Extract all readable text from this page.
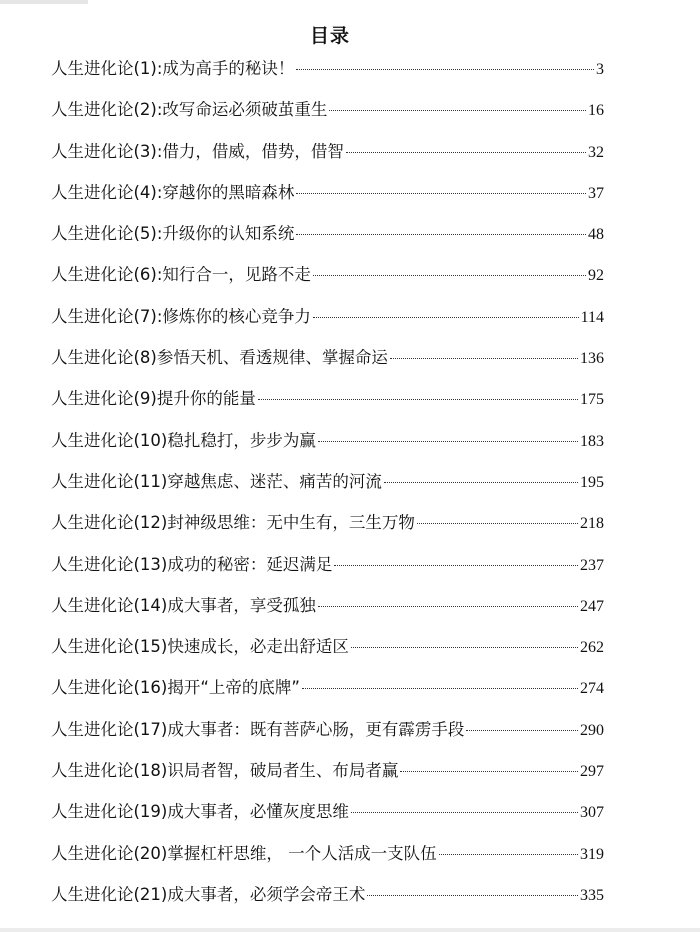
目录
人生进化论(1):成为高手的秘诀！	3
人生进化论(2):改写命运必须破茧重生	16
人生进化论(3):借力，借威，借势，借智	32
人生进化论(4):穿越你的黑暗森林	37
人生进化论(5):升级你的认知系统	48
人生进化论(6):知行合一，见路不走	92
人生进化论(7):修炼你的核心竞争力	114
人生进化论(8)参悟天机、看透规律、掌握命运	136
人生进化论(9)提升你的能量	175
人生进化论(10)稳扎稳打，步步为赢	183
人生进化论(11)穿越焦虑、迷茫、痛苦的河流	195
人生进化论(12)封神级思维：无中生有，三生万物	218
人生进化论(13)成功的秘密：延迟满足	237
人生进化论(14)成大事者，享受孤独	247
人生进化论(15)快速成长，必走出舒适区	262
人生进化论(16)揭开“上帝的底牌”	274
人生进化论(17)成大事者：既有菩萨心肠，更有霹雳手段	290
人生进化论(18)识局者智，破局者生、布局者赢	297
人生进化论(19)成大事者，必懂灰度思维	307
人生进化论(20)掌握杠杆思维， 一个人活成一支队伍	319
人生进化论(21)成大事者，必须学会帝王术	335
